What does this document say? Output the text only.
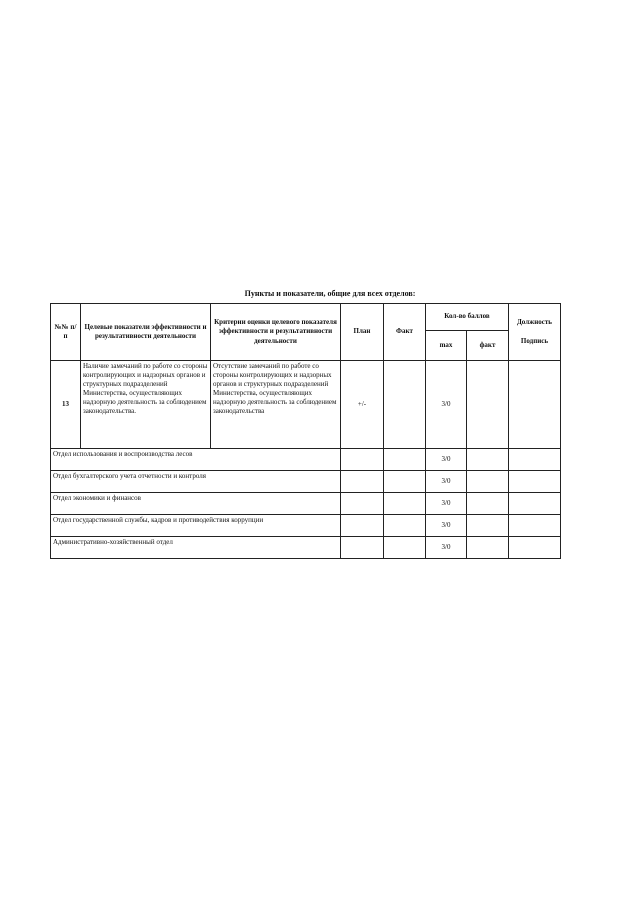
Пункты и показатели, общие для всех отделов:
№№ п/п	Целевые показатели эффективности и результативности деятельности	Критерии оценки целевого показателя эффективности и результативности деятельности	План	Факт	Кол-во баллов		Должность
Подпись

					max	факт	
13	Наличие замечаний по работе со стороны контролирующих и надзорных органов и структурных подразделений Министерства, осуществляющих надзорную деятельность за соблюдением законодательства.	Отсутствие замечаний по работе со стороны контролирующих и надзорных органов и структурных подразделений Министерства, осуществляющих надзорную деятельность за соблюдением законодательства	+/-		3/0		
Отдел использования и воспроизводства лесов					3/0		
Отдел бухгалтерского учета отчетности и контроля					3/0		
Отдел экономики и финансов					3/0		
Отдел государственной службы, кадров и противодействия коррупции					3/0		
Административно-хозяйственный отдел					3/0		
